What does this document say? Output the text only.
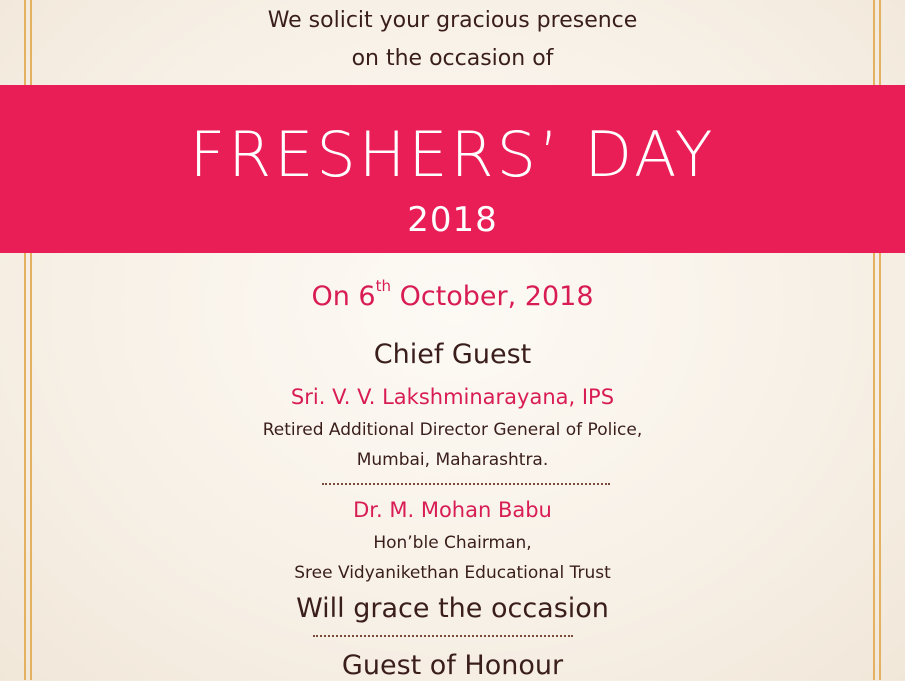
We solicit your gracious presence
on the occasion of
FRESHERS’ DAY
2018
On 6th October, 2018
Chief Guest
Sri. V. V. Lakshminarayana, IPS
Retired Additional Director General of Police,
Mumbai, Maharashtra.
Dr. M. Mohan Babu
Hon’ble Chairman,
Sree Vidyanikethan Educational Trust
Will grace the occasion
Guest of Honour
